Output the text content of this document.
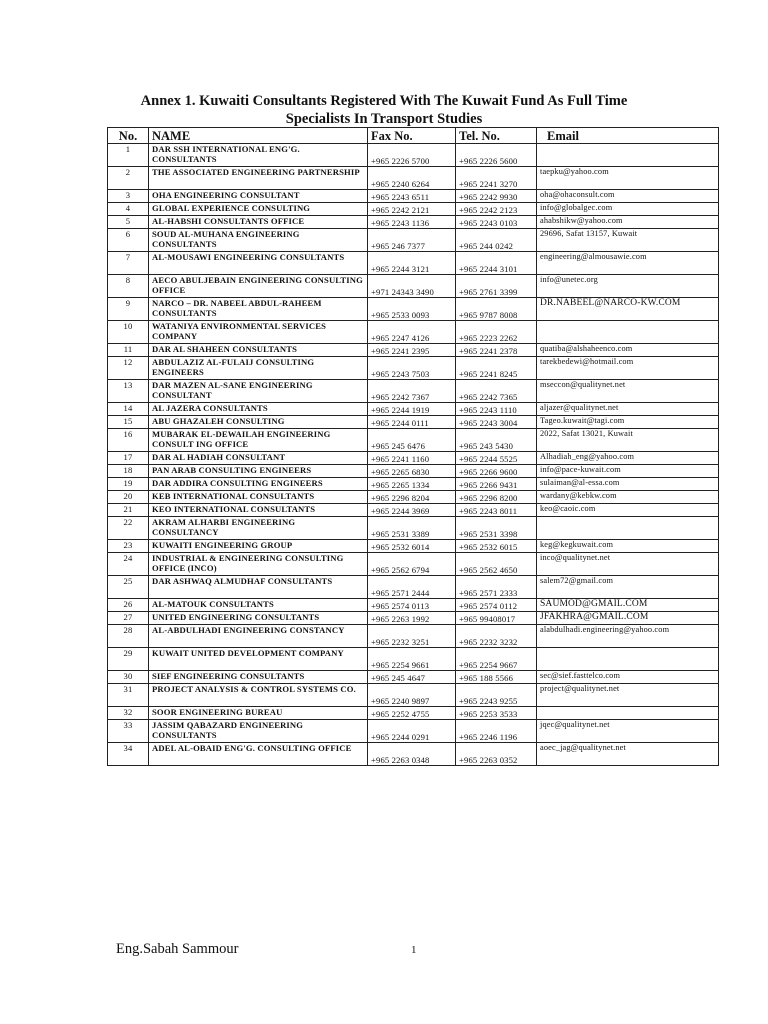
Annex 1. Kuwaiti Consultants Registered With The Kuwait Fund As Full Time
Specialists In Transport Studies
No.	NAME	Fax No.	Tel. No.	Email
1	DAR SSH INTERNATIONAL ENG'G. CONSULTANTS	+965 2226 5700	+965 2226 5600	
2	THE ASSOCIATED ENGINEERING PARTNERSHIP	+965 2240 6264	+965 2241 3270	taepku@yahoo.com
3	OHA ENGINEERING CONSULTANT	+965 2243 6511	+965 2242 9930	oha@ohaconsult.com
4	GLOBAL EXPERIENCE CONSULTING	+965 2242 2121	+965 2242 2123	info@globalgec.com
5	AL-HABSHI CONSULTANTS OFFICE	+965 2243 1136	+965 2243 0103	ahabshikw@yahoo.com
6	SOUD AL-MUHANA ENGINEERING CONSULTANTS	+965 246 7377	+965 244 0242	29696, Safat 13157, Kuwait
7	AL-MOUSAWI ENGINEERING CONSULTANTS	+965 2244 3121	+965 2244 3101	engineering@almousawie.com
8	AECO ABULJEBAIN ENGINEERING CONSULTING OFFICE	+971 24343 3490	+965 2761 3399	info@unetec.org
9	NARCO – DR. NABEEL ABDUL-RAHEEM CONSULTANTS	+965 2533 0093	+965 9787 8008	DR.NABEEL@NARCO-KW.COM
10	WATANIYA ENVIRONMENTAL SERVICES COMPANY	+965 2247 4126	+965 2223 2262	
11	DAR AL SHAHEEN CONSULTANTS	+965 2241 2395	+965 2241 2378	quatiba@alshaheenco.com
12	ABDULAZIZ AL-FULAIJ CONSULTING ENGINEERS	+965 2243 7503	+965 2241 8245	tarekbedewi@hotmail.com
13	DAR MAZEN AL-SANE ENGINEERING CONSULTANT	+965 2242 7367	+965 2242 7365	mseccon@qualitynet.net
14	AL JAZERA CONSULTANTS	+965 2244 1919	+965 2243 1110	aljazer@qualitynet.net
15	ABU GHAZALEH CONSULTING	+965 2244 0111	+965 2243 3004	Tageo.kuwait@tagi.com
16	MUBARAK EL-DEWAILAH ENGINEERING CONSULT ING OFFICE	+965 245 6476	+965 243 5430	2022, Safat 13021, Kuwait
17	DAR AL HADIAH CONSULTANT	+965 2241 1160	+965 2244 5525	Alhadiah_eng@yahoo.com
18	PAN ARAB CONSULTING ENGINEERS	+965 2265 6830	+965 2266 9600	info@pace-kuwait.com
19	DAR ADDIRA CONSULTING ENGINEERS	+965 2265 1334	+965 2266 9431	sulaiman@al-essa.com
20	KEB INTERNATIONAL CONSULTANTS	+965 2296 8204	+965 2296 8200	wardany@kebkw.com
21	KEO INTERNATIONAL CONSULTANTS	+965 2244 3969	+965 2243 8011	keo@caoic.com
22	AKRAM ALHARBI ENGINEERING CONSULTANCY	+965 2531 3389	+965 2531 3398	
23	KUWAITI ENGINEERING GROUP	+965 2532 6014	+965 2532 6015	keg@kegkuwait.com
24	INDUSTRIAL & ENGINEERING CONSULTING OFFICE (INCO)	+965 2562 6794	+965 2562 4650	inco@qualitynet.net
25	DAR ASHWAQ ALMUDHAF CONSULTANTS	+965 2571 2444	+965 2571 2333	salem72@gmail.com
26	AL-MATOUK CONSULTANTS	+965 2574 0113	+965 2574 0112	SAUMOD@GMAIL.COM
27	UNITED ENGINEERING CONSULTANTS	+965 2263 1992	+965 99408017	JFAKHRA@GMAIL.COM
28	AL-ABDULHADI ENGINEERING CONSTANCY	+965 2232 3251	+965 2232 3232	alabdulhadi.engineering@yahoo.com
29	KUWAIT UNITED DEVELOPMENT COMPANY	+965 2254 9661	+965 2254 9667	
30	SIEF ENGINEERING CONSULTANTS	+965 245 4647	+965 188 5566	sec@sief.fasttelco.com
31	PROJECT ANALYSIS & CONTROL SYSTEMS CO.	+965 2240 9897	+965 2243 9255	project@qualitynet.net
32	SOOR ENGINEERING BUREAU	+965 2252 4755	+965 2253 3533	
33	JASSIM QABAZARD ENGINEERING CONSULTANTS	+965 2244 0291	+965 2246 1196	jqec@qualitynet.net
34	ADEL AL-OBAID ENG'G. CONSULTING OFFICE	+965 2263 0348	+965 2263 0352	aoec_jag@qualitynet.net
Eng.Sabah Sammour	1
